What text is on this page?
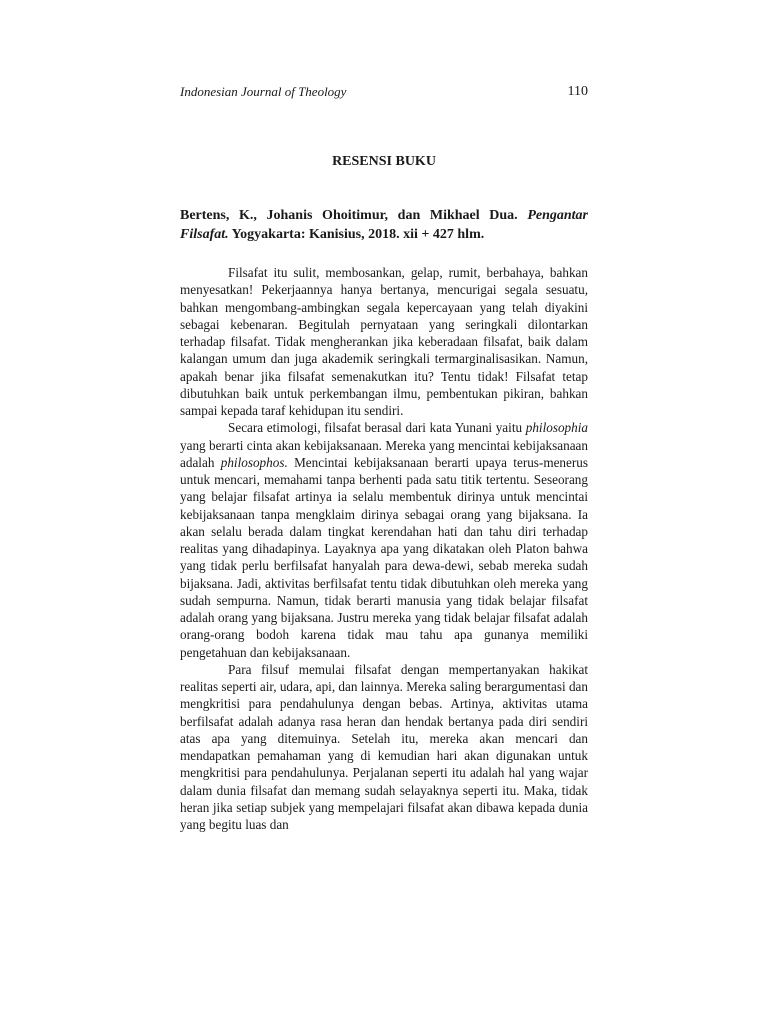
Indonesian Journal of Theology	110
RESENSI BUKU
Bertens, K., Johanis Ohoitimur, dan Mikhael Dua. Pengantar Filsafat. Yogyakarta: Kanisius, 2018. xii + 427 hlm.

Filsafat itu sulit, membosankan, gelap, rumit, berbahaya, bahkan menyesatkan! Pekerjaannya hanya bertanya, mencurigai segala sesuatu, bahkan mengombang-ambingkan segala kepercayaan yang telah diyakini sebagai kebenaran. Begitulah pernyataan yang seringkali dilontarkan terhadap filsafat. Tidak mengherankan jika keberadaan filsafat, baik dalam kalangan umum dan juga akademik seringkali termarginalisasikan. Namun, apakah benar jika filsafat semenakutkan itu? Tentu tidak! Filsafat tetap dibutuhkan baik untuk perkembangan ilmu, pembentukan pikiran, bahkan sampai kepada taraf kehidupan itu sendiri.

Secara etimologi, filsafat berasal dari kata Yunani yaitu philosophia yang berarti cinta akan kebijaksanaan. Mereka yang mencintai kebijaksanaan adalah philosophos. Mencintai kebijaksanaan berarti upaya terus-menerus untuk mencari, memahami tanpa berhenti pada satu titik tertentu. Seseorang yang belajar filsafat artinya ia selalu membentuk dirinya untuk mencintai kebijaksanaan tanpa mengklaim dirinya sebagai orang yang bijaksana. Ia akan selalu berada dalam tingkat kerendahan hati dan tahu diri terhadap realitas yang dihadapinya. Layaknya apa yang dikatakan oleh Platon bahwa yang tidak perlu berfilsafat hanyalah para dewa-dewi, sebab mereka sudah bijaksana. Jadi, aktivitas berfilsafat tentu tidak dibutuhkan oleh mereka yang sudah sempurna. Namun, tidak berarti manusia yang tidak belajar filsafat adalah orang yang bijaksana. Justru mereka yang tidak belajar filsafat adalah orang-orang bodoh karena tidak mau tahu apa gunanya memiliki pengetahuan dan kebijaksanaan.

Para filsuf memulai filsafat dengan mempertanyakan hakikat realitas seperti air, udara, api, dan lainnya. Mereka saling berargumentasi dan mengkritisi para pendahulunya dengan bebas. Artinya, aktivitas utama berfilsafat adalah adanya rasa heran dan hendak bertanya pada diri sendiri atas apa yang ditemuinya. Setelah itu, mereka akan mencari dan mendapatkan pemahaman yang di kemudian hari akan digunakan untuk mengkritisi para pendahulunya. Perjalanan seperti itu adalah hal yang wajar dalam dunia filsafat dan memang sudah selayaknya seperti itu. Maka, tidak heran jika setiap subjek yang mempelajari filsafat akan dibawa kepada dunia yang begitu luas dan
